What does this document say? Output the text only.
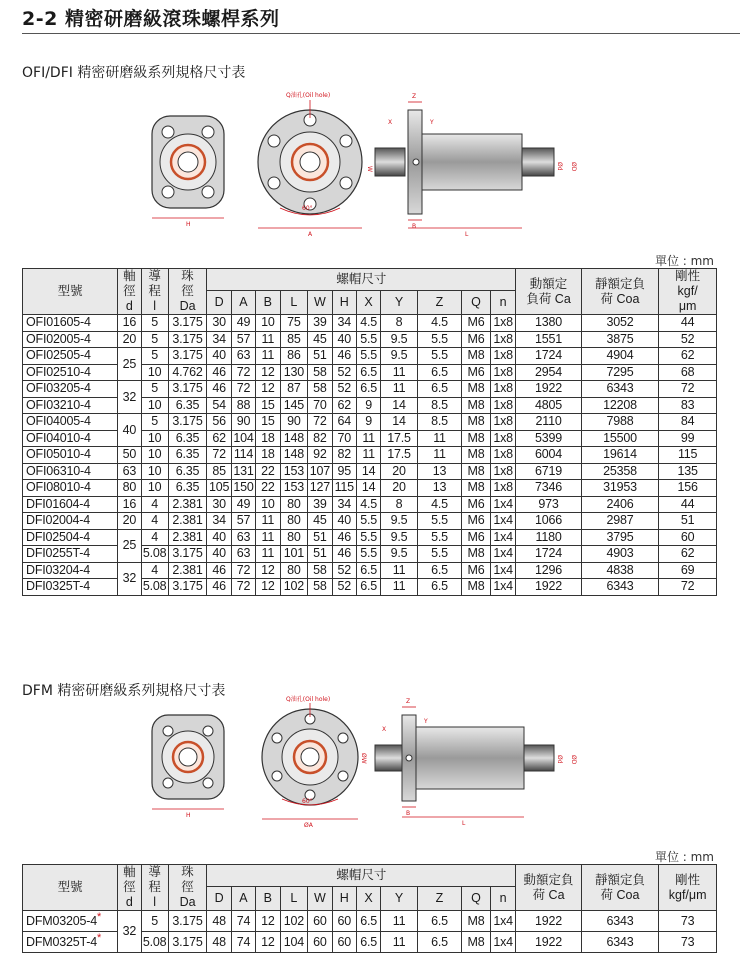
2-2 精密研磨級滾珠螺桿系列
OFI/DFI 精密研磨級系列規格尺寸表
H
60°
A
Q油孔(Oil hole)
W
Z
X	Y
B
L
Ød ØD
單位 : mm
型號	軸
徑
d	導
程
l	珠
徑
Da	螺帽尺寸											動額定
負荷 Ca	靜額定負
荷 Coa	剛性
kgf/
μm
				D	A	B	L	W	H	X	Y	Z	Q	n			
OFI01605-4	16	5	3.175	30	49	10	75	39	34	4.5	8	4.5	M6	1x8	1380	3052	44
OFI02005-4	20	5	3.175	34	57	11	85	45	40	5.5	9.5	5.5	M6	1x8	1551	3875	52
OFI02505-4	25	5	3.175	40	63	11	86	51	46	5.5	9.5	5.5	M8	1x8	1724	4904	62
OFI02510-4		10	4.762	46	72	12	130	58	52	6.5	11	6.5	M6	1x8	2954	7295	68
OFI03205-4	32	5	3.175	46	72	12	87	58	52	6.5	11	6.5	M8	1x8	1922	6343	72
OFI03210-4		10	6.35	54	88	15	145	70	62	9	14	8.5	M8	1x8	4805	12208	83
OFI04005-4	40	5	3.175	56	90	15	90	72	64	9	14	8.5	M8	1x8	2110	7988	84
OFI04010-4		10	6.35	62	104	18	148	82	70	11	17.5	11	M8	1x8	5399	15500	99
OFI05010-4	50	10	6.35	72	114	18	148	92	82	11	17.5	11	M8	1x8	6004	19614	115
OFI06310-4	63	10	6.35	85	131	22	153	107	95	14	20	13	M8	1x8	6719	25358	135
OFI08010-4	80	10	6.35	105	150	22	153	127	115	14	20	13	M8	1x8	7346	31953	156
DFI01604-4	16	4	2.381	30	49	10	80	39	34	4.5	8	4.5	M6	1x4	973	2406	44
DFI02004-4	20	4	2.381	34	57	11	80	45	40	5.5	9.5	5.5	M6	1x4	1066	2987	51
DFI02504-4	25	4	2.381	40	63	11	80	51	46	5.5	9.5	5.5	M6	1x4	1180	3795	60
DFI0255T-4		5.08	3.175	40	63	11	101	51	46	5.5	9.5	5.5	M8	1x4	1724	4903	62
DFI03204-4	32	4	2.381	46	72	12	80	58	52	6.5	11	6.5	M6	1x4	1296	4838	69
DFI0325T-4		5.08	3.175	46	72	12	102	58	52	6.5	11	6.5	M8	1x4	1922	6343	72
DFM 精密研磨級系列規格尺寸表
H
60°
ØA
Q油孔(Oil hole)
ØW
Z
X
Y
B
L
Ød ØD
單位 : mm
型號	軸
徑
d	導
程
l	珠
徑
Da	螺帽尺寸											動額定負
荷 Ca	靜額定負
荷 Coa	剛性
kgf/μm
				D	A	B	L	W	H	X	Y	Z	Q	n			
DFM03205-4*	32	5	3.175	48	74	12	102	60	60	6.5	11	6.5	M8	1x4	1922	6343	73
DFM0325T-4*		5.08	3.175	48	74	12	104	60	60	6.5	11	6.5	M8	1x4	1922	6343	73
